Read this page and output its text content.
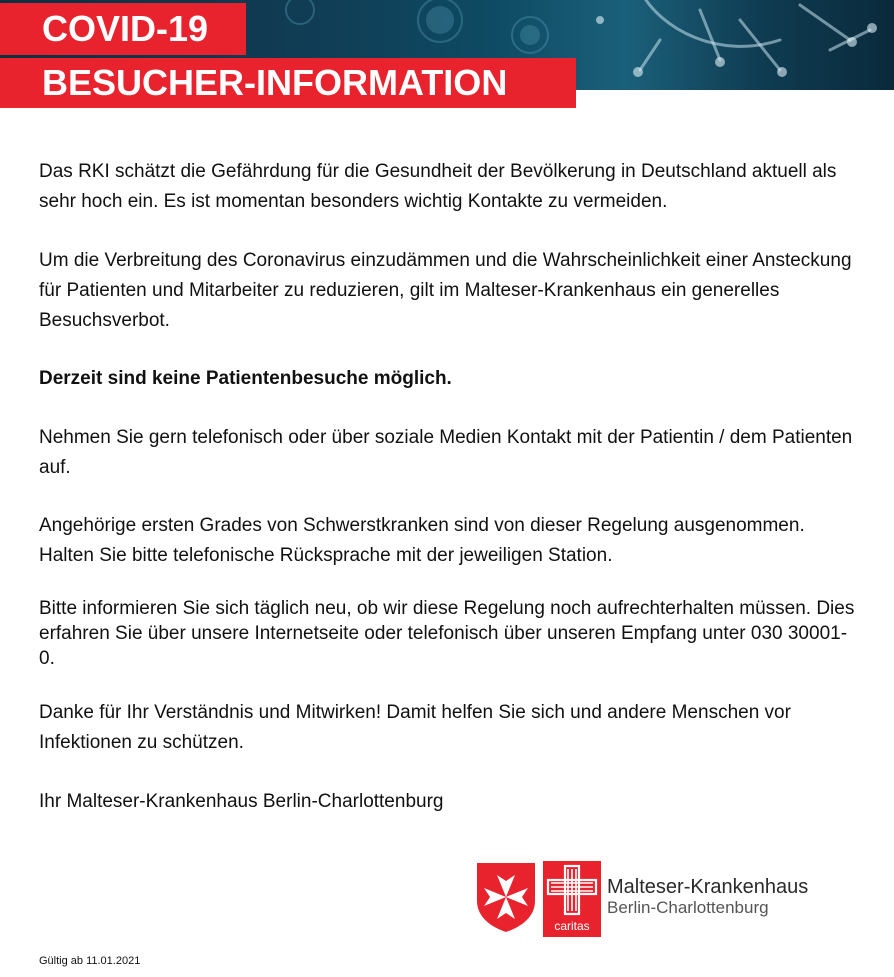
COVID-19
BESUCHER-INFORMATION

Das RKI schätzt die Gefährdung für die Gesundheit der Bevölkerung in Deutschland aktuell als sehr hoch ein. Es ist momentan besonders wichtig Kontakte zu vermeiden.

Um die Verbreitung des Coronavirus einzudämmen und die Wahrscheinlichkeit einer Ansteckung für Patienten und Mitarbeiter zu reduzieren, gilt im Malteser-Krankenhaus ein generelles Besuchsverbot.

Derzeit sind keine Patientenbesuche möglich.

Nehmen Sie gern telefonisch oder über soziale Medien Kontakt mit der Patientin / dem Patienten auf.

Angehörige ersten Grades von Schwerstkranken sind von dieser Regelung ausgenommen. Halten Sie bitte telefonische Rücksprache mit der jeweiligen Station.

Bitte informieren Sie sich täglich neu, ob wir diese Regelung noch aufrechterhalten müssen. Dies erfahren Sie über unsere Internetseite oder telefonisch über unseren Empfang unter 030 30001-0.

Danke für Ihr Verständnis und Mitwirken! Damit helfen Sie sich und andere Menschen vor Infektionen zu schützen.

Ihr Malteser-Krankenhaus Berlin-Charlottenburg

caritas
Malteser-Krankenhaus
Berlin-Charlottenburg
Gültig ab 11.01.2021
